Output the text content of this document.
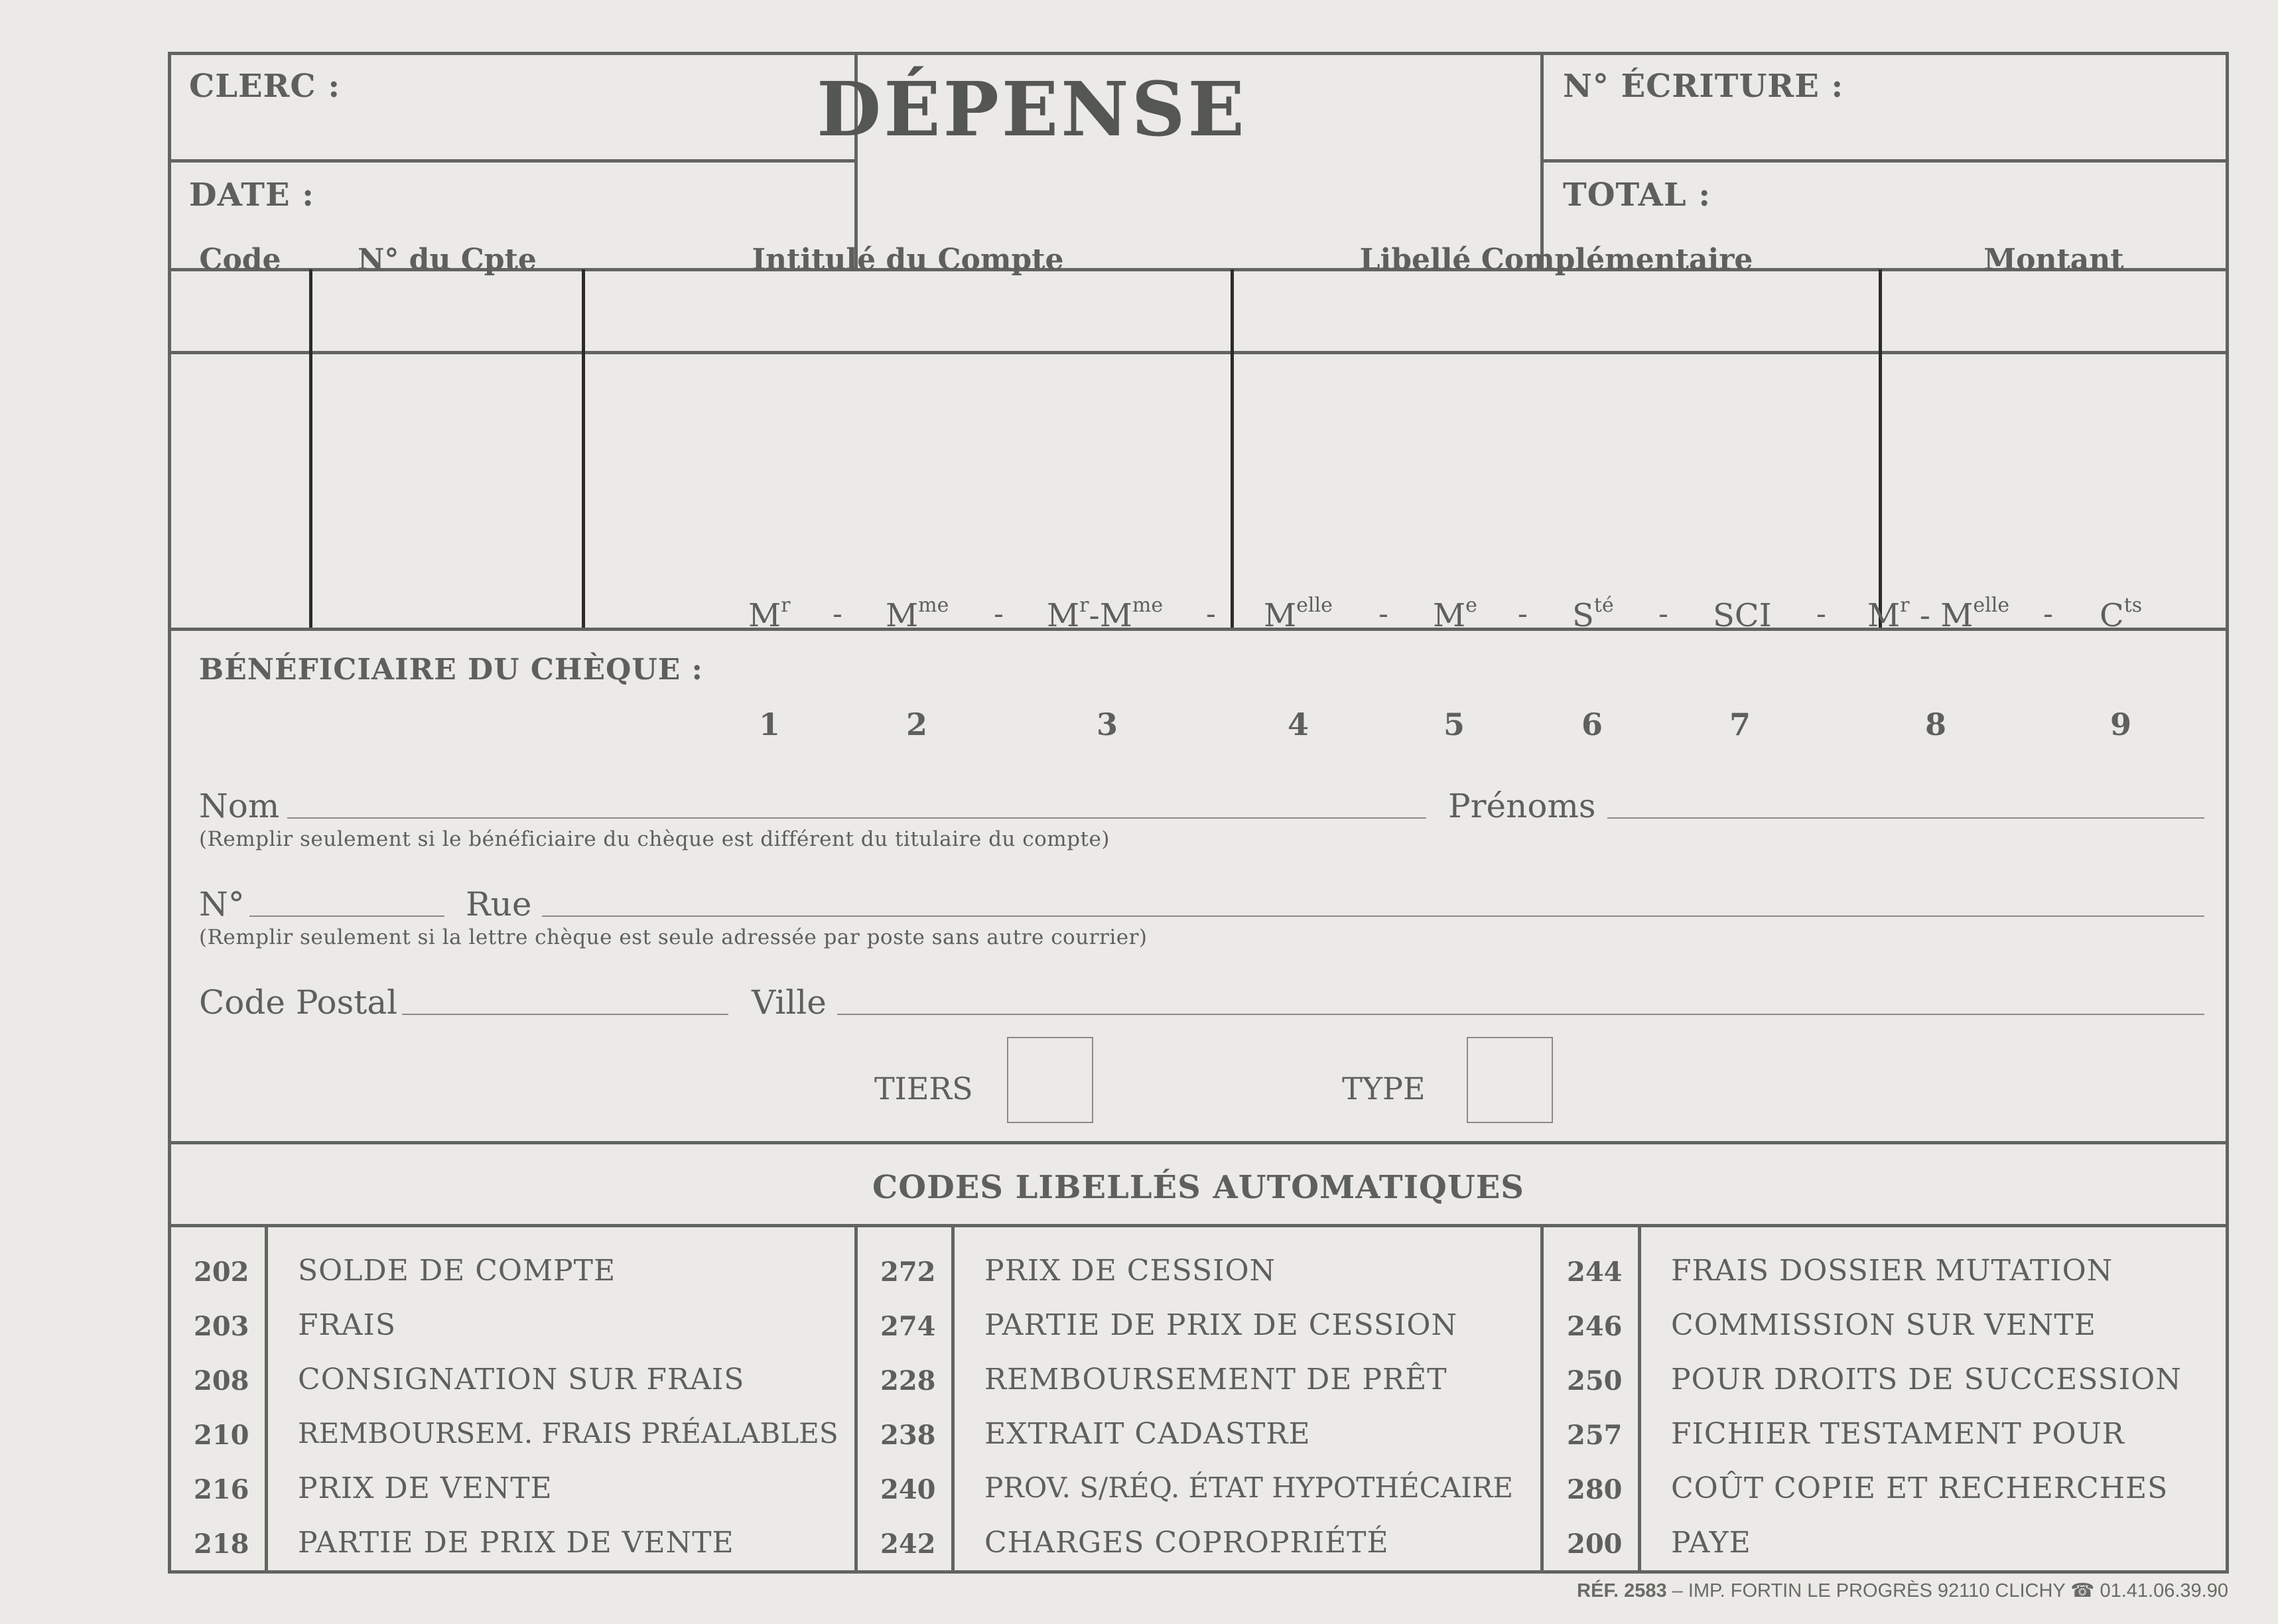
CLERC :
DATE :
DÉPENSE	N° ÉCRITURE :
TOTAL :
Code	N° du Cpte	Intitulé du Compte	Libellé Complémentaire	Montant
BÉNÉFICIAIRE DU CHÈQUE :
$M^r - M^{me} - M^r-M^{me} - M^{elle} - Me - S^{té}$ - SCI - $M^r - M^{elle} - C^{ts}$
1	2	3	4	5	6	7	8	9
Nom	Prénoms
(Remplir seulement si le bénéficiaire du chèque est différent du titulaire du compte)
N°	Rue
(Remplir seulement si la lettre chèque est seule adressée par poste sans autre courrier)
Code Postal	Ville
TIERS	TYPE
CODES LIBELLÉS AUTOMATIQUES
202 SOLDE DE COMPTE
203 FRAIS
208 CONSIGNATION SUR FRAIS
210 REMBOURSEM. FRAIS PRÉALABLES
216 PRIX DE VENTE
218 PARTIE DE PRIX DE VENTE
272 PRIX DE CESSION
274 PARTIE DE PRIX DE CESSION
228 REMBOURSEMENT DE PRÊT
238 EXTRAIT CADASTRE
240 PROV. S/RÉQ. ÉTAT HYPOTHÉCAIRE
242 CHARGES COPROPRIÉTÉ
244 FRAIS DOSSIER MUTATION
246 COMMISSION SUR VENTE
250 POUR DROITS DE SUCCESSION
257 FICHIER TESTAMENT POUR
280 COÛT COPIE ET RECHERCHES
200 PAYE
RÉF. 2583 – IMP. FORTIN LE PROGRÈS 92110 CLICHY ☎ 01.41.06.39.90
